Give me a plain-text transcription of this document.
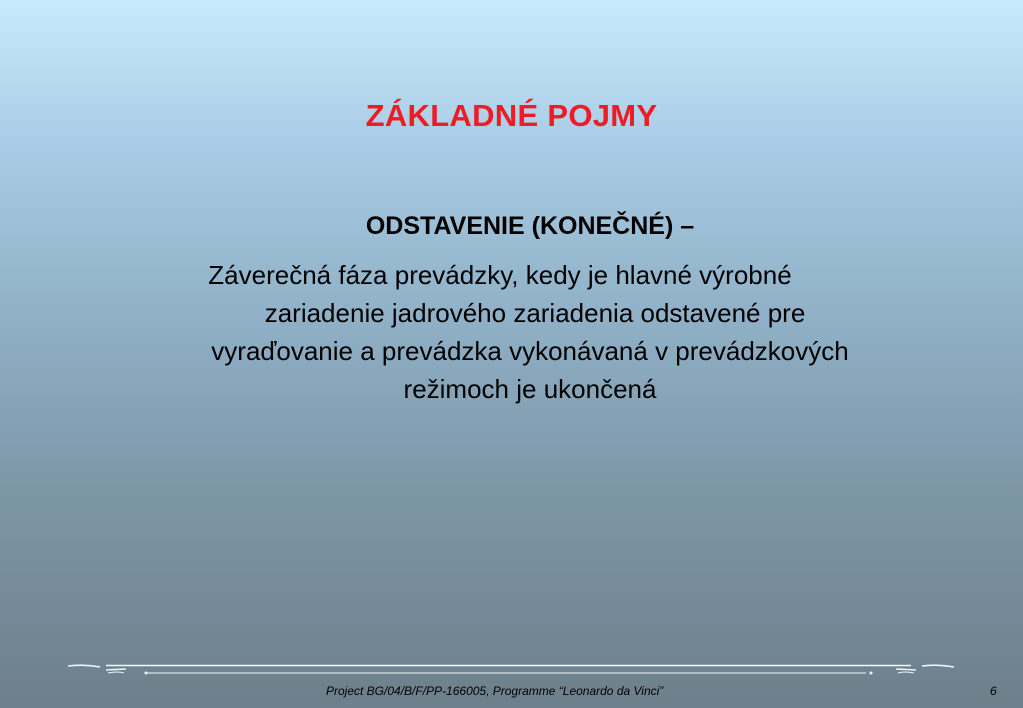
ZÁKLADNÉ POJMY
ODSTAVENIE (KONEČNÉ) –
Záverečná fáza prevádzky, kedy je hlavné výrobné
zariadenie jadrového zariadenia odstavené pre
vyraďovanie a prevádzka vykonávaná v prevádzkových
režimoch je ukončená
Project BG/04/B/F/PP-166005, Programme “Leonardo da Vinci”	6
